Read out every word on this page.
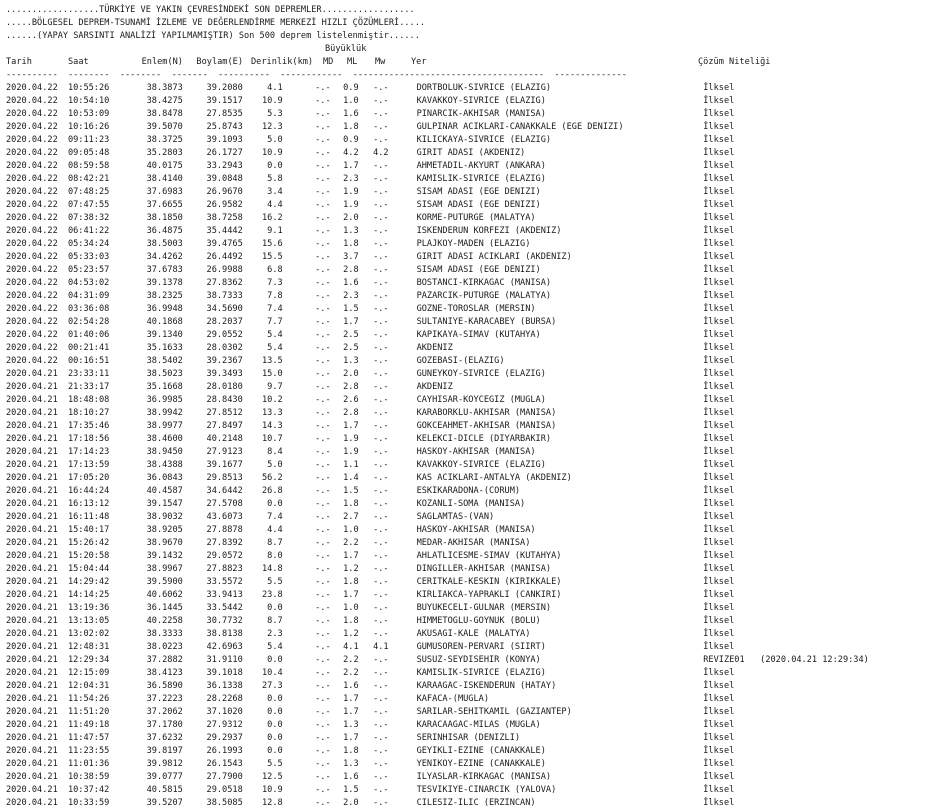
..................TÜRKİYE VE YAKIN ÇEVRESİNDEKİ SON DEPREMLER..................
.....BÖLGESEL DEPREM-TSUNAMİ İZLEME VE DEĞERLENDİRME MERKEZİ HIZLI ÇÖZÜMLERİ.....
......(YAPAY SARSINTI ANALİZİ YAPILMAMIŞTIR) Son 500 deprem listelenmiştir......
Büyüklük
Tarih	Saat	Enlem(N)	Boylam(E) Derinlik(km)	MD	ML	Mw	Yer	Çözüm Niteliği
----------  --------  --------  -------  ----------  ------------  -------------------------------------  --------------
2020.04.22	10:55:26	38.3873	39.2080	4.1	-.-	0.9	-.-	DORTBOLUK-SIVRICE (ELAZIG)	İlksel
2020.04.22	10:54:10	38.4275	39.1517	10.9	-.-	1.0	-.-	KAVAKKOY-SIVRICE (ELAZIG)	İlksel
2020.04.22	10:53:09	38.8478	27.8535	5.3	-.-	1.6	-.-	PINARCIK-AKHISAR (MANISA)	İlksel
2020.04.22	10:16:26	39.5070	25.8743	12.3	-.-	1.8	-.-	GULPINAR ACIKLARI-CANAKKALE (EGE DENIZI)	İlksel
2020.04.22	09:11:23	38.3725	39.1093	5.0	-.-	0.9	-.-	KILICKAYA-SIVRICE (ELAZIG)	İlksel
2020.04.22	09:05:48	35.2803	26.1727	10.9	-.-	4.2	4.2	GIRIT ADASI (AKDENIZ)	İlksel
2020.04.22	08:59:58	40.0175	33.2943	0.0	-.-	1.7	-.-	AHMETADIL-AKYURT (ANKARA)	İlksel
2020.04.22	08:42:21	38.4140	39.0848	5.8	-.-	2.3	-.-	KAMISLIK-SIVRICE (ELAZIG)	İlksel
2020.04.22	07:48:25	37.6983	26.9670	3.4	-.-	1.9	-.-	SISAM ADASI (EGE DENIZI)	İlksel
2020.04.22	07:47:55	37.6655	26.9582	4.4	-.-	1.9	-.-	SISAM ADASI (EGE DENIZI)	İlksel
2020.04.22	07:38:32	38.1850	38.7258	16.2	-.-	2.0	-.-	KORME-PUTURGE (MALATYA)	İlksel
2020.04.22	06:41:22	36.4875	35.4442	9.1	-.-	1.3	-.-	ISKENDERUN KORFEZI (AKDENIZ)	İlksel
2020.04.22	05:34:24	38.5003	39.4765	15.6	-.-	1.8	-.-	PLAJKOY-MADEN (ELAZIG)	İlksel
2020.04.22	05:33:03	34.4262	26.4492	15.5	-.-	3.7	-.-	GIRIT ADASI ACIKLARI (AKDENIZ)	İlksel
2020.04.22	05:23:57	37.6783	26.9988	6.8	-.-	2.8	-.-	SISAM ADASI (EGE DENIZI)	İlksel
2020.04.22	04:53:02	39.1378	27.8362	7.3	-.-	1.6	-.-	BOSTANCI-KIRKAGAC (MANISA)	İlksel
2020.04.22	04:31:09	38.2325	38.7333	7.8	-.-	2.3	-.-	PAZARCIK-PUTURGE (MALATYA)	İlksel
2020.04.22	03:36:08	36.9948	34.5690	7.4	-.-	1.5	-.-	GOZNE-TOROSLAR (MERSIN)	İlksel
2020.04.22	02:54:28	40.1868	28.2037	7.7	-.-	1.7	-.-	SULTANIYE-KARACABEY (BURSA)	İlksel
2020.04.22	01:40:06	39.1340	29.0552	5.4	-.-	2.5	-.-	KAPIKAYA-SIMAV (KUTAHYA)	İlksel
2020.04.22	00:21:41	35.1633	28.0302	5.4	-.-	2.5	-.-	AKDENIZ	İlksel
2020.04.22	00:16:51	38.5402	39.2367	13.5	-.-	1.3	-.-	GOZEBASI-(ELAZIG)	İlksel
2020.04.21	23:33:11	38.5023	39.3493	15.0	-.-	2.0	-.-	GUNEYKOY-SIVRICE (ELAZIG)	İlksel
2020.04.21	21:33:17	35.1668	28.0180	9.7	-.-	2.8	-.-	AKDENIZ	İlksel
2020.04.21	18:48:08	36.9985	28.8430	10.2	-.-	2.6	-.-	CAYHISAR-KOYCEGIZ (MUGLA)	İlksel
2020.04.21	18:10:27	38.9942	27.8512	13.3	-.-	2.8	-.-	KARABORKLU-AKHISAR (MANISA)	İlksel
2020.04.21	17:35:46	38.9977	27.8497	14.3	-.-	1.7	-.-	GOKCEAHMET-AKHISAR (MANISA)	İlksel
2020.04.21	17:18:56	38.4600	40.2148	10.7	-.-	1.9	-.-	KELEKCI-DICLE (DIYARBAKIR)	İlksel
2020.04.21	17:14:23	38.9450	27.9123	8.4	-.-	1.9	-.-	HASKOY-AKHISAR (MANISA)	İlksel
2020.04.21	17:13:59	38.4388	39.1677	5.0	-.-	1.1	-.-	KAVAKKOY-SIVRICE (ELAZIG)	İlksel
2020.04.21	17:05:20	36.0843	29.8513	56.2	-.-	1.4	-.-	KAS ACIKLARI-ANTALYA (AKDENIZ)	İlksel
2020.04.21	16:44:24	40.4587	34.6442	26.8	-.-	1.5	-.-	ESKIKARADONA-(CORUM)	İlksel
2020.04.21	16:13:12	39.1547	27.5708	0.0	-.-	1.8	-.-	KOZANLI-SOMA (MANISA)	İlksel
2020.04.21	16:11:48	38.9032	43.6073	7.4	-.-	2.7	-.-	SAGLAMTAS-(VAN)	İlksel
2020.04.21	15:40:17	38.9205	27.8878	4.4	-.-	1.0	-.-	HASKOY-AKHISAR (MANISA)	İlksel
2020.04.21	15:26:42	38.9670	27.8392	8.7	-.-	2.2	-.-	MEDAR-AKHISAR (MANISA)	İlksel
2020.04.21	15:20:58	39.1432	29.0572	8.0	-.-	1.7	-.-	AHLATLICESME-SIMAV (KUTAHYA)	İlksel
2020.04.21	15:04:44	38.9967	27.8823	14.8	-.-	1.2	-.-	DINGILLER-AKHISAR (MANISA)	İlksel
2020.04.21	14:29:42	39.5900	33.5572	5.5	-.-	1.8	-.-	CERITKALE-KESKIN (KIRIKKALE)	İlksel
2020.04.21	14:14:25	40.6062	33.9413	23.8	-.-	1.7	-.-	KIRLIAKCA-YAPRAKLI (CANKIRI)	İlksel
2020.04.21	13:19:36	36.1445	33.5442	0.0	-.-	1.0	-.-	BUYUKECELI-GULNAR (MERSIN)	İlksel
2020.04.21	13:13:05	40.2258	30.7732	8.7	-.-	1.8	-.-	HIMMETOGLU-GOYNUK (BOLU)	İlksel
2020.04.21	13:02:02	38.3333	38.8138	2.3	-.-	1.2	-.-	AKUSAGI-KALE (MALATYA)	İlksel
2020.04.21	12:48:31	38.0223	42.6963	5.4	-.-	4.1	4.1	GUMUSOREN-PERVARI (SIIRT)	İlksel
2020.04.21	12:29:34	37.2882	31.9110	0.0	-.-	2.2	-.-	SUSUZ-SEYDISEHIR (KONYA)	REVIZE01   (2020.04.21 12:29:34)
2020.04.21	12:15:09	38.4123	39.1018	10.4	-.-	2.2	-.-	KAMISLIK-SIVRICE (ELAZIG)	İlksel
2020.04.21	12:04:31	36.5890	36.1338	27.3	-.-	1.6	-.-	KARAAGAC-ISKENDERUN (HATAY)	İlksel
2020.04.21	11:54:26	37.2223	28.2268	0.0	-.-	1.7	-.-	KAFACA-(MUGLA)	İlksel
2020.04.21	11:51:20	37.2062	37.1020	0.0	-.-	1.7	-.-	SARILAR-SEHITKAMIL (GAZIANTEP)	İlksel
2020.04.21	11:49:18	37.1780	27.9312	0.0	-.-	1.3	-.-	KARACAAGAC-MILAS (MUGLA)	İlksel
2020.04.21	11:47:57	37.6232	29.2937	0.0	-.-	1.7	-.-	SERINHISAR (DENIZLI)	İlksel
2020.04.21	11:23:55	39.8197	26.1993	0.0	-.-	1.8	-.-	GEYIKLI-EZINE (CANAKKALE)	İlksel
2020.04.21	11:01:36	39.9812	26.1543	5.5	-.-	1.3	-.-	YENIKOY-EZINE (CANAKKALE)	İlksel
2020.04.21	10:38:59	39.0777	27.7900	12.5	-.-	1.6	-.-	ILYASLAR-KIRKAGAC (MANISA)	İlksel
2020.04.21	10:37:42	40.5815	29.0518	10.9	-.-	1.5	-.-	TESVIKIYE-CINARCIK (YALOVA)	İlksel
2020.04.21	10:33:59	39.5207	38.5085	12.8	-.-	2.0	-.-	CILESIZ-ILIC (ERZINCAN)	İlksel
